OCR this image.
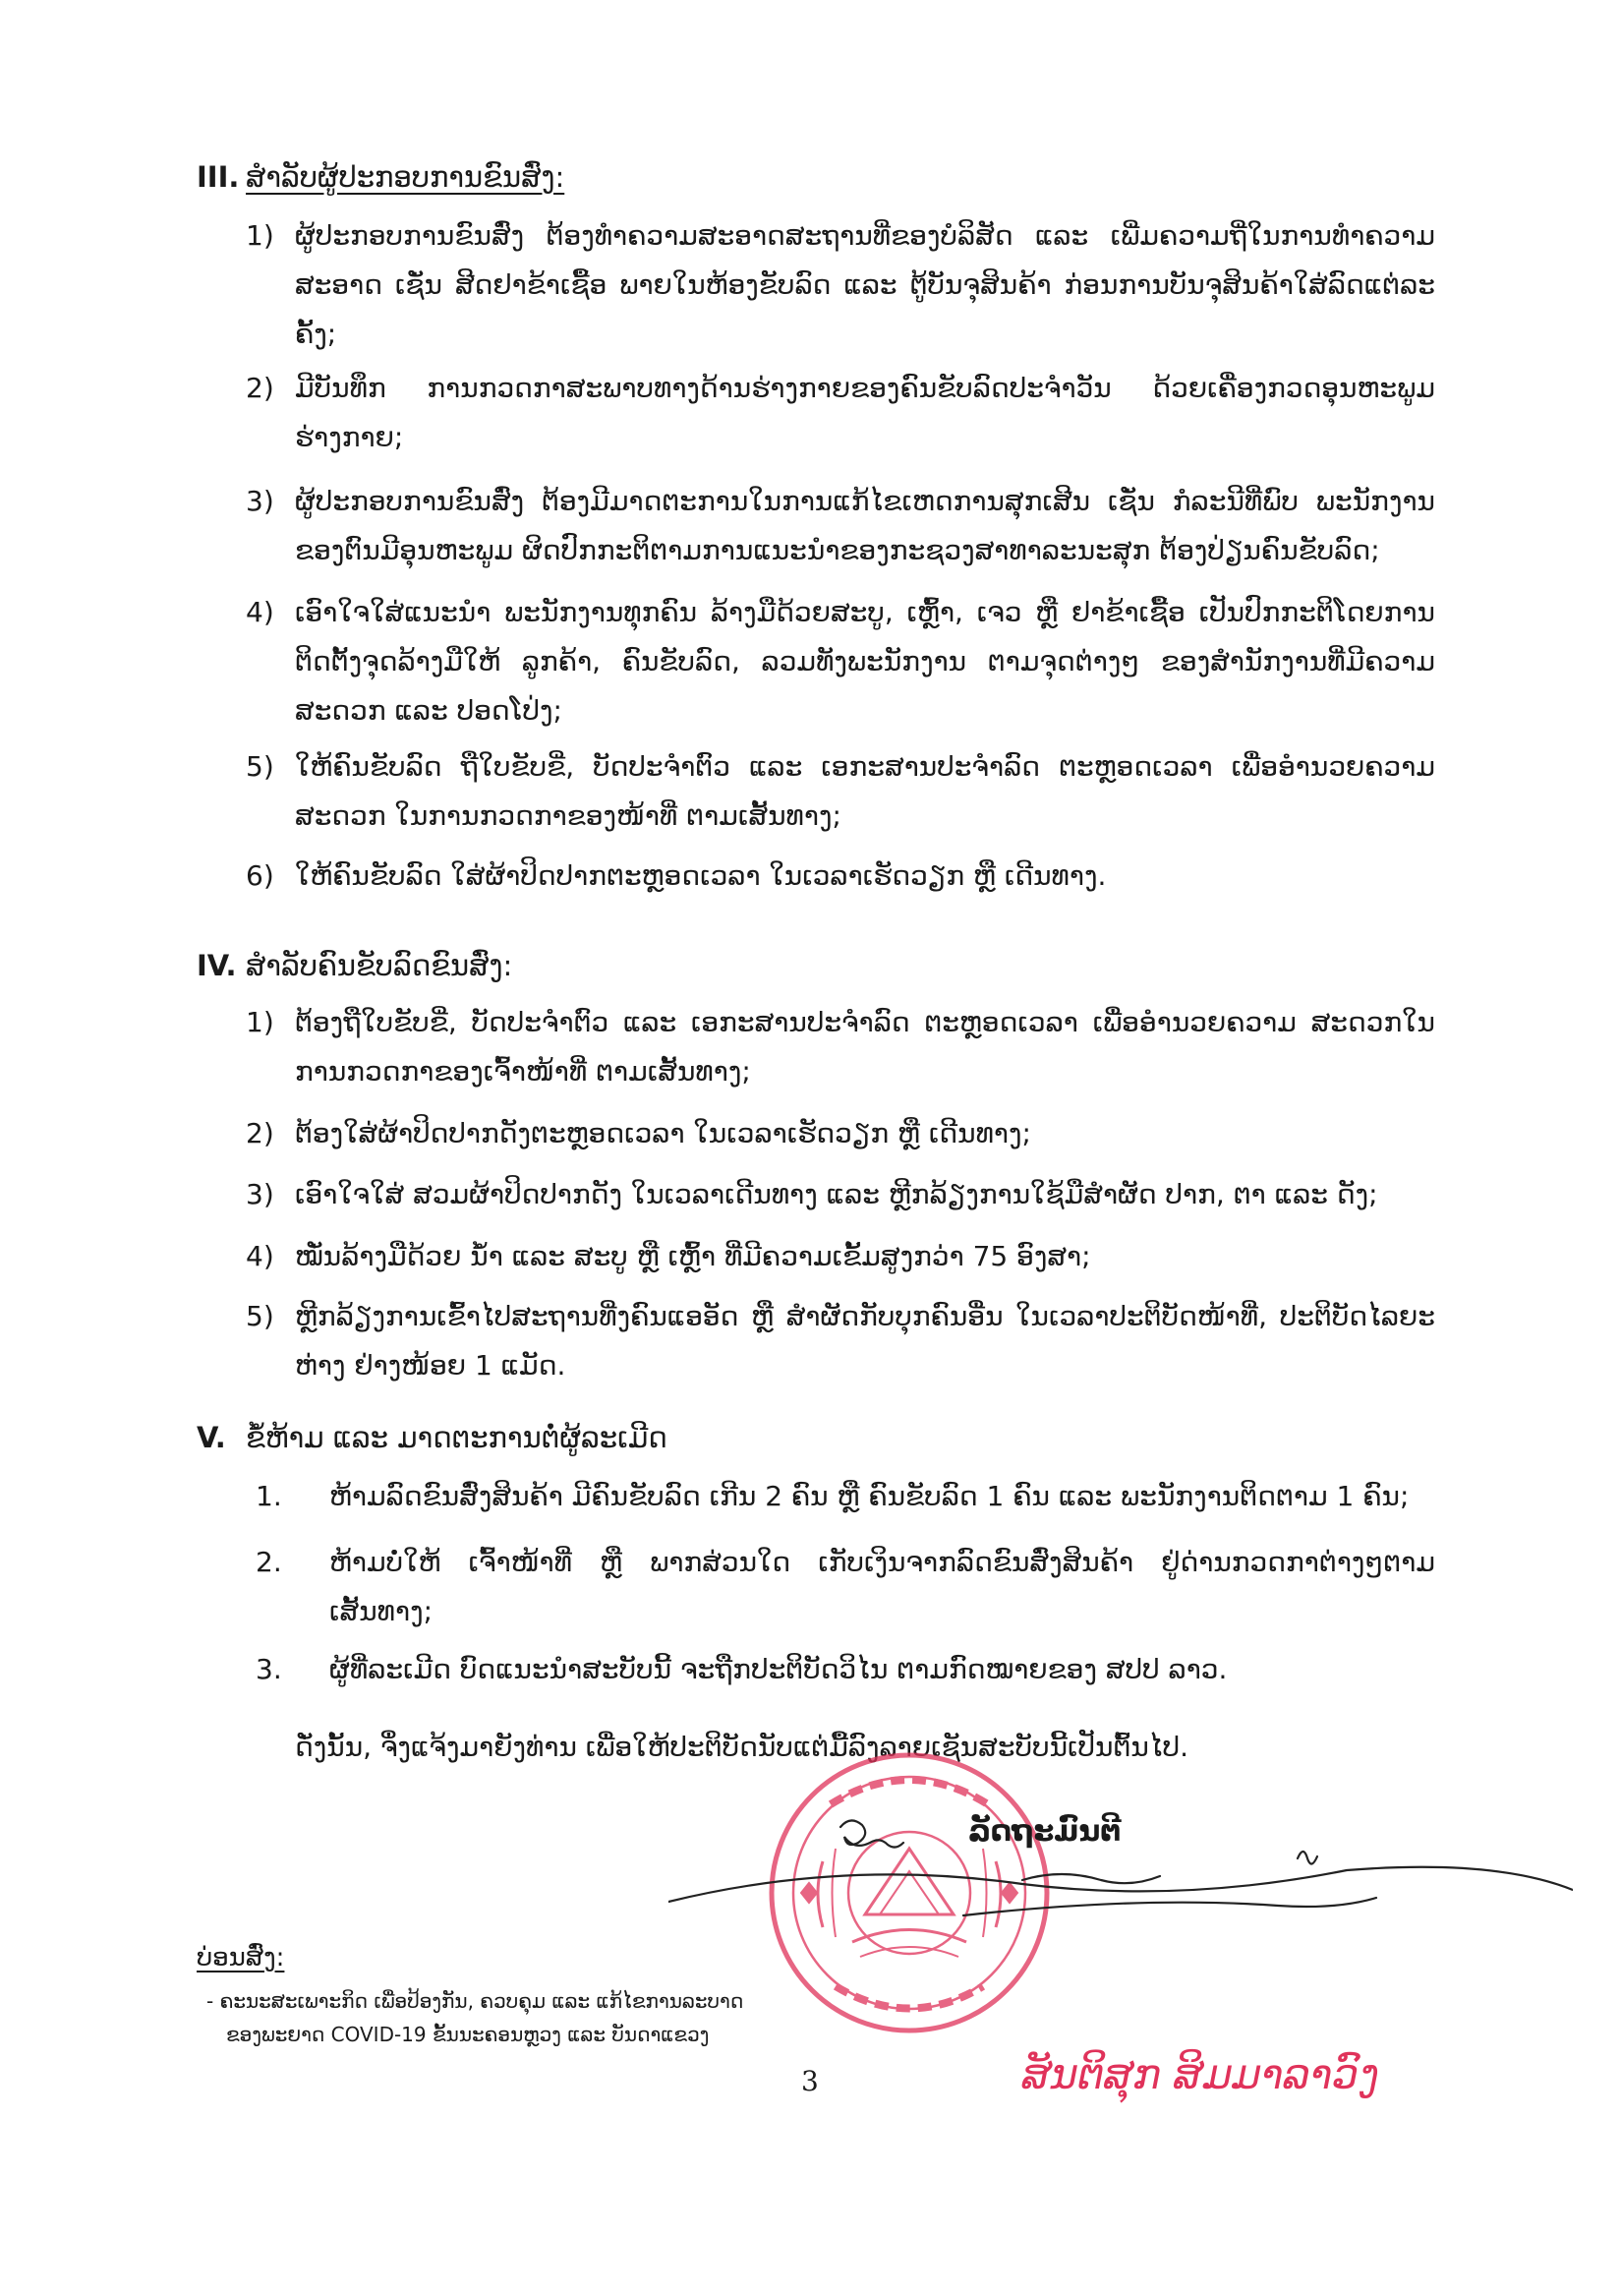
III. ສຳລັບຜູ້ປະກອບການຂົນສົ່ງ:
1) ຜູ້ປະກອບການຂົນສົ່ງ ຕ້ອງທຳຄວາມສະອາດສະຖານທີ່ຂອງບໍລິສັດ ແລະ ເພີ່ມຄວາມຖີ່ໃນການທຳຄວາມສະອາດ ເຊັ່ນ ສີດຢາຂ້າເຊື້ອ ພາຍໃນຫ້ອງຂັບລົດ ແລະ ຕູ້ບັນຈຸສິນຄ້າ ກ່ອນການບັນຈຸສິນຄ້າໃສ່ລົດແຕ່ລະຄັ້ງ;
2) ມີບັນທຶກ ການກວດກາສະພາບທາງດ້ານຮ່າງກາຍຂອງຄົນຂັບລົດປະຈຳວັນ ດ້ວຍເຄື່ອງກວດອຸນຫະພູມຮ່າງກາຍ;
3) ຜູ້ປະກອບການຂົນສົ່ງ ຕ້ອງມີມາດຕະການໃນການແກ້ໄຂເຫດການສຸກເສີນ ເຊັ່ນ ກໍລະນີທີ່ພົບ ພະນັກງານຂອງຕົນມີອຸນຫະພູມ ຜິດປົກກະຕິຕາມການແນະນຳຂອງກະຊວງສາທາລະນະສຸກ ຕ້ອງປ່ຽນຄົນຂັບລົດ;
4) ເອົາໃຈໃສ່ແນະນຳ ພະນັກງານທຸກຄົນ ລ້າງມືດ້ວຍສະບູ, ເຫຼົ້າ, ເຈວ ຫຼື ຢາຂ້າເຊື້ອ ເປັນປົກກະຕິໂດຍການຕິດຕັ້ງຈຸດລ້າງມືໃຫ້ ລູກຄ້າ, ຄົນຂັບລົດ, ລວມທັງພະນັກງານ ຕາມຈຸດຕ່າງໆ ຂອງສຳນັກງານທີ່ມີຄວາມສະດວກ ແລະ ປອດໂປ່ງ;
5) ໃຫ້ຄົນຂັບລົດ ຖືໃບຂັບຂີ່, ບັດປະຈຳຕົວ ແລະ ເອກະສານປະຈຳລົດ ຕະຫຼອດເວລາ ເພື່ອອຳນວຍຄວາມສະດວກ ໃນການກວດກາຂອງໜ້າທີ່ ຕາມເສັ້ນທາງ;
6) ໃຫ້ຄົນຂັບລົດ ໃສ່ຜ້າປິດປາກຕະຫຼອດເວລາ ໃນເວລາເຮັດວຽກ ຫຼື ເດີນທາງ.
IV. ສຳລັບຄົນຂັບລົດຂົນສົ່ງ:
1) ຕ້ອງຖືໃບຂັບຂີ່, ບັດປະຈຳຕົວ ແລະ ເອກະສານປະຈຳລົດ ຕະຫຼອດເວລາ ເພື່ອອຳນວຍຄວາມ ສະດວກໃນການກວດກາຂອງເຈົ້າໜ້າທີ່ ຕາມເສັ້ນທາງ;
2) ຕ້ອງໃສ່ຜ້າປິດປາກດັງຕະຫຼອດເວລາ ໃນເວລາເຮັດວຽກ ຫຼື ເດີນທາງ;
3) ເອົາໃຈໃສ່ ສວມຜ້າປິດປາກດັງ ໃນເວລາເດີນທາງ ແລະ ຫຼີກລ້ຽງການໃຊ້ມືສຳຜັດ ປາກ, ຕາ ແລະ ດັງ;
4) ໝັ່ນລ້າງມືດ້ວຍ ນ້ຳ ແລະ ສະບູ ຫຼື ເຫຼົ້າ ທີ່ມີຄວາມເຂັ້ມສູງກວ່າ 75 ອົງສາ;
5) ຫຼີກລ້ຽງການເຂົ້າໄປສະຖານທີ່ງຄົນແອອັດ ຫຼື ສຳຜັດກັບບຸກຄົນອື່ນ ໃນເວລາປະຕິບັດໜ້າທີ່, ປະຕິບັດໄລຍະຫ່າງ ຢ່າງໜ້ອຍ 1 ແມັດ.
V. ຂໍ້ຫ້າມ ແລະ ມາດຕະການຕໍ່ຜູ້ລະເມີດ
1. ຫ້າມລົດຂົນສົ່ງສິນຄ້າ ມີຄົນຂັບລົດ ເກີນ 2 ຄົນ ຫຼື ຄົນຂັບລົດ 1 ຄົນ ແລະ ພະນັກງານຕິດຕາມ 1 ຄົນ;
2. ຫ້າມບໍ່ໃຫ້ ເຈົ້າໜ້າທີ່ ຫຼື ພາກສ່ວນໃດ ເກັບເງິນຈາກລົດຂົນສົ່ງສິນຄ້າ ຢູ່ດ່ານກວດກາຕ່າງໆຕາມເສັ້ນທາງ;
3. ຜູ້ທີ່ລະເມີດ ບົດແນະນຳສະບັບນີ້ ຈະຖືກປະຕິບັດວິໄນ ຕາມກົດໝາຍຂອງ ສປປ ລາວ.
ດັ່ງນັ້ນ, ຈຶ່ງແຈ້ງມາຍັງທ່ານ ເພື່ອໃຫ້ປະຕິບັດນັບແຕ່ມື້ລົງລາຍເຊັນສະບັບນີ້ເປັນຕົ້ນໄປ.
ລັດຖະມົນຕີ
ບ່ອນສົ່ງ:
- ຄະນະສະເພາະກິດ ເພື່ອປ້ອງກັນ, ຄວບຄຸມ ແລະ ແກ້ໄຂການລະບາດ
ຂອງພະຍາດ COVID-19 ຂັ້ນນະຄອນຫຼວງ ແລະ ບັນດາແຂວງ
3	ສັນຕິສຸກ ສິມມາລາວົງ
